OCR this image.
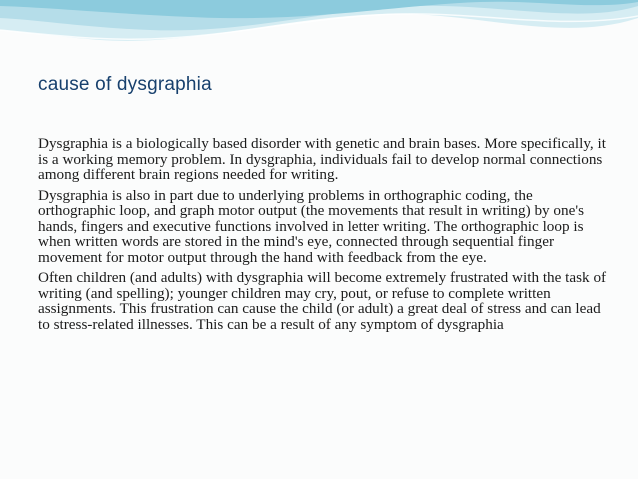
cause of dysgraphia

Dysgraphia is a biologically based disorder with genetic and brain bases. More specifically, it is a working memory problem. In dysgraphia, individuals fail to develop normal connections among different brain regions needed for writing.

Dysgraphia is also in part due to underlying problems in orthographic coding, the orthographic loop, and graph motor output (the movements that result in writing) by one's hands, fingers and executive functions involved in letter writing. The orthographic loop is when written words are stored in the mind's eye, connected through sequential finger movement for motor output through the hand with feedback from the eye.

Often children (and adults) with dysgraphia will become extremely frustrated with the task of writing (and spelling); younger children may cry, pout, or refuse to complete written assignments. This frustration can cause the child (or adult) a great deal of stress and can lead to stress-related illnesses. This can be a result of any symptom of dysgraphia
